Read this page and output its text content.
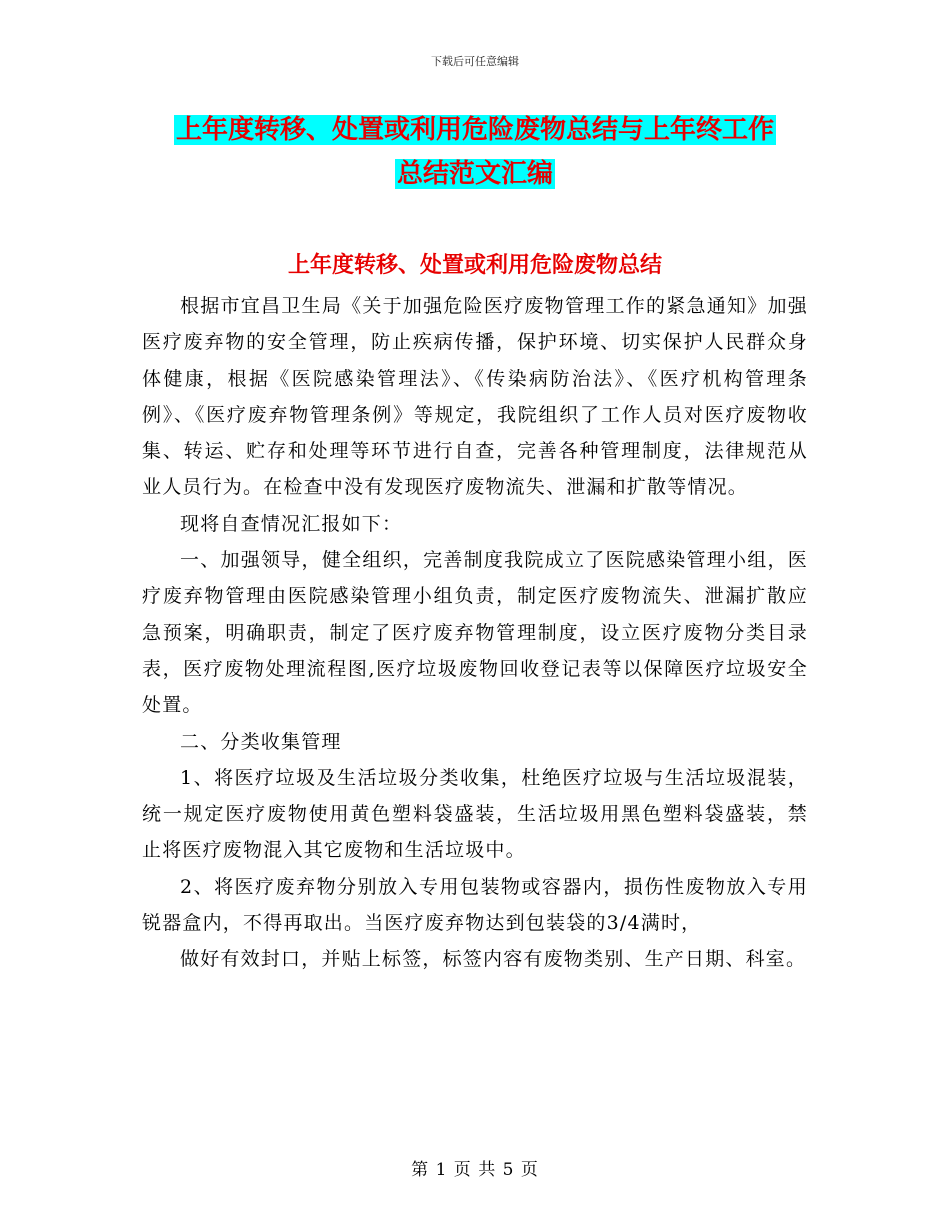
下载后可任意编辑
上年度转移、处置或利用危险废物总结与上年终工作
总结范文汇编
上年度转移、处置或利用危险废物总结

根据市宜昌卫生局《关于加强危险医疗废物管理工作的紧急通知》加强医疗废弃物的安全管理，防止疾病传播，保护环境、切实保护人民群众身体健康，根据《医院感染管理法》、《传染病防治法》、《医疗机构管理条例》、《医疗废弃物管理条例》等规定，我院组织了工作人员对医疗废物收集、转运、贮存和处理等环节进行自查，完善各种管理制度，法律规范从业人员行为。在检查中没有发现医疗废物流失、泄漏和扩散等情况。

现将自查情况汇报如下：

一、加强领导，健全组织，完善制度我院成立了医院感染管理小组，医疗废弃物管理由医院感染管理小组负责，制定医疗废物流失、泄漏扩散应急预案，明确职责，制定了医疗废弃物管理制度，设立医疗废物分类目录表，医疗废物处理流程图,医疗垃圾废物回收登记表等以保障医疗垃圾安全处置。

二、分类收集管理

1、将医疗垃圾及生活垃圾分类收集，杜绝医疗垃圾与生活垃圾混装，统一规定医疗废物使用黄色塑料袋盛装，生活垃圾用黑色塑料袋盛装，禁止将医疗废物混入其它废物和生活垃圾中。

2、将医疗废弃物分别放入专用包装物或容器内，损伤性废物放入专用锐器盒内，不得再取出。当医疗废弃物达到包装袋的3/4满时，

做好有效封口，并贴上标签，标签内容有废物类别、生产日期、科室。

第 1 页 共 5 页
